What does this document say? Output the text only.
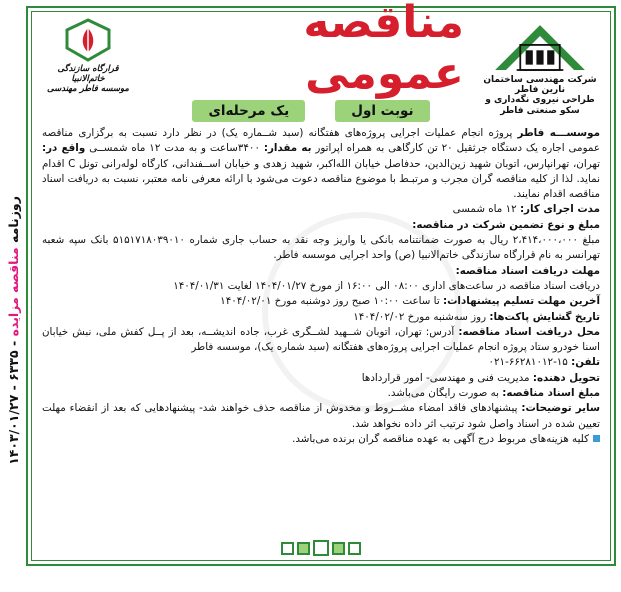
روزنامه مناقصه مزایده - ۶۳۳۵ - ۱۴۰۳/۰۱/۲۷
شرکت مهندسی ساختمان نارین فاطر
طراحی نیروی نگه‌داری و سکو صنعتی فاطر
مناقصه عمومی
نوبت اول
یک مرحله‌ای
قرارگاه سازندگی خاتم‌الانبیا
موسسه فاطر مهندسی

موسســـه فاطر پروژه انجام عملیات اجرایی پروژه‌های هفتگانه (سبد شــماره یک) در نظر دارد نسبت به برگزاری مناقصه عمومی اجاره یک دستگاه جرثقیل ۲۰ تن کارگاهی به همراه اپراتور به مقدار: ۳۴۰۰ساعت و به مدت ۱۲ ماه شمســی واقع در: تهران، تهرانپارس، اتوبان شهید زین‌الدین، حدفاصل خیابان الله‌اکبر، شهید زهدی و خیابان اســفندانی، کارگاه لوله‌رانی تونل C اقدام نماید. لذا از کلیه مناقصه گران مجرب و مرتبـط با موضوع مناقصه دعوت می‌شود با ارائه معرفی نامه معتبر، نسبت به دریافت اسناد مناقصه اقدام نمایند.

مدت اجرای کار: ۱۲ ماه شمسی

مبلغ و نوع تضمین شرکت در مناقصه:

مبلغ ۲،۴۱۴،۰۰۰،۰۰۰ ریال به صورت ضمانتنامه بانکی یا واریز وجه نقد به حساب جاری شماره ۵۱۵۱۷۱۸۰۳۹۰۱۰ بانک سپه شعبه تهرانسر به نام قرارگاه سازندگی خاتم‌الانبیا (ص) واحد اجرایی موسسه فاطر.

مهلت دریافت اسناد مناقصه:

دریافت اسناد مناقصه در ساعت‌های اداری ۰۸:۰۰ الی ۱۶:۰۰ از مورخ ۱۴۰۴/۰۱/۲۷ لغایت ۱۴۰۴/۰۱/۳۱

آخرین مهلت تسلیم پیشنهادات: تا ساعت ۱۰:۰۰ صبح روز دوشنبه مورخ ۱۴۰۴/۰۲/۰۱

تاریخ گشایش پاکت‌ها: روز سه‌شنبه مورخ ۱۴۰۴/۰۲/۰۲

محل دریافت اسناد مناقصه: آدرس: تهران، اتوبان شــهید لشــگری غرب، جاده اندیشــه، بعد از پــل کفش ملی، نبش خیابان اسنا خودرو ستاد پروژه انجام عملیات اجرایی پروژه‌های هفتگانه (سبد شماره یک)، موسسه فاطر

تلفن: ۱۵-۶۶۲۸۱۰۱۲-۰۲۱

تحویل دهنده: مدیریت فنی و مهندسی- امور قراردادها

مبلغ اسناد مناقصه: به صورت رایگان می‌باشد.

سایر توضیحات: پیشنهادهای فاقد امضاء مشــروط و مخدوش از مناقصه حذف خواهند شد- پیشنهادهایی که بعد از انقضاء مهلت تعیین شده در اسناد واصل شود ترتیب اثر داده نخواهد شد.

کلیه هزینه‌های مربوط درج آگهی به عهده مناقصه گران برنده می‌باشد.
